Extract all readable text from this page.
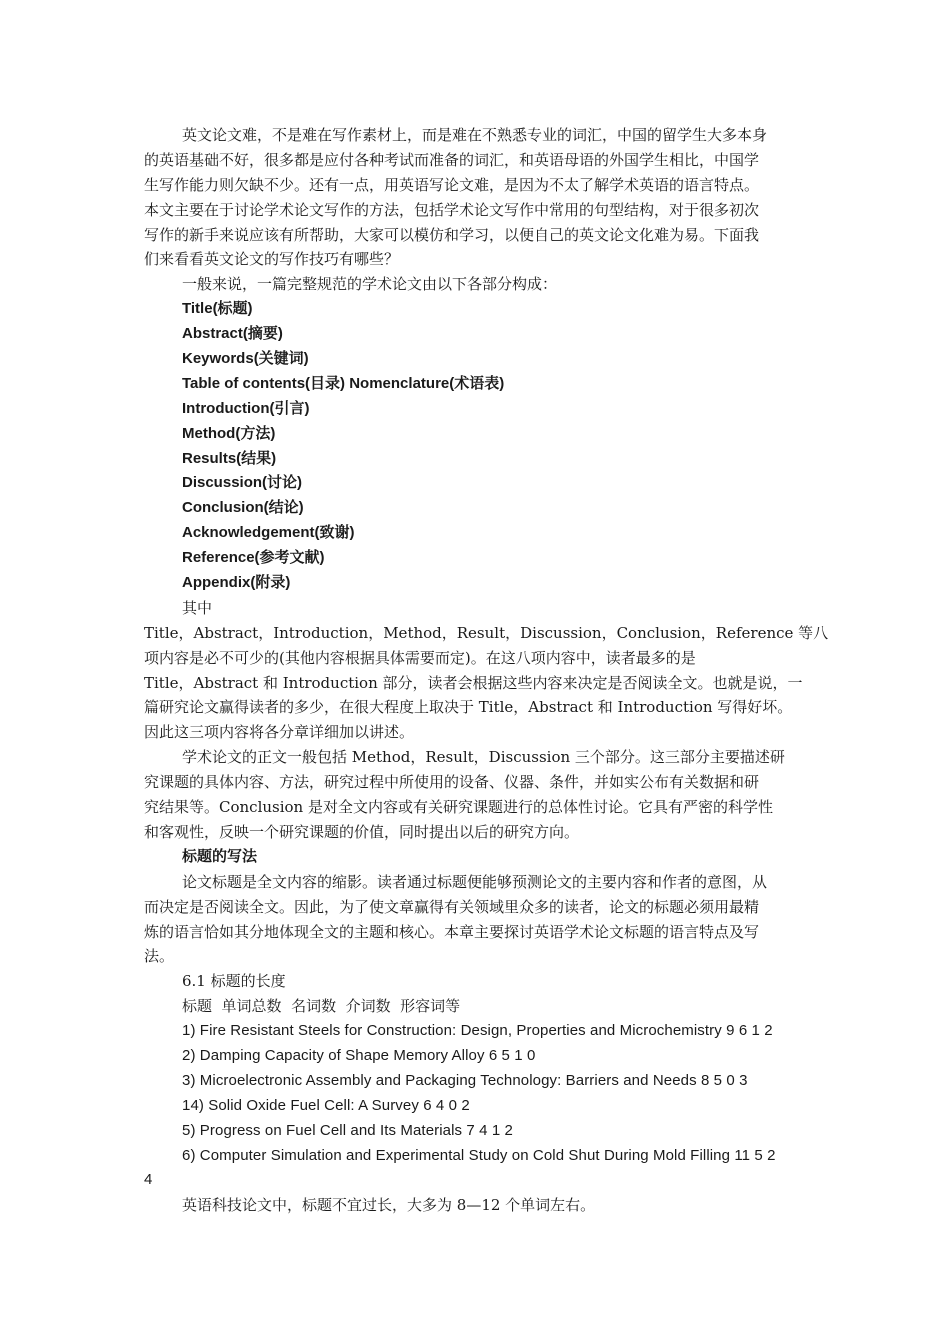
英文论文难，不是难在写作素材上，而是难在不熟悉专业的词汇，中国的留学生大多本身
的英语基础不好，很多都是应付各种考试而准备的词汇，和英语母语的外国学生相比，中国学
生写作能力则欠缺不少。还有一点，用英语写论文难，是因为不太了解学术英语的语言特点。
本文主要在于讨论学术论文写作的方法，包括学术论文写作中常用的句型结构，对于很多初次
写作的新手来说应该有所帮助，大家可以模仿和学习，以便自己的英文论文化难为易。下面我
们来看看英文论文的写作技巧有哪些？
一般来说，一篇完整规范的学术论文由以下各部分构成：
Title(标题)
Abstract(摘要)
Keywords(关键词)
Table of contents(目录) Nomenclature(术语表)
Introduction(引言)
Method(方法)
Results(结果)
Discussion(讨论)
Conclusion(结论)
Acknowledgement(致谢)
Reference(参考文献)
Appendix(附录)
其中
Title，Abstract，Introduction，Method，Result，Discussion，Conclusion，Reference 等八
项内容是必不可少的(其他内容根据具体需要而定)。在这八项内容中，读者最多的是
Title，Abstract 和 Introduction 部分，读者会根据这些内容来决定是否阅读全文。也就是说，一
篇研究论文赢得读者的多少，在很大程度上取决于 Title，Abstract 和 Introduction 写得好坏。
因此这三项内容将各分章详细加以讲述。
学术论文的正文一般包括 Method，Result，Discussion 三个部分。这三部分主要描述研
究课题的具体内容、方法，研究过程中所使用的设备、仪器、条件，并如实公布有关数据和研
究结果等。Conclusion 是对全文内容或有关研究课题进行的总体性讨论。它具有严密的科学性
和客观性，反映一个研究课题的价值，同时提出以后的研究方向。
标题的写法
论文标题是全文内容的缩影。读者通过标题便能够预测论文的主要内容和作者的意图，从
而决定是否阅读全文。因此，为了使文章赢得有关领域里众多的读者，论文的标题必须用最精
炼的语言恰如其分地体现全文的主题和核心。本章主要探讨英语学术论文标题的语言特点及写
法。
6.1 标题的长度
标题  单词总数  名词数  介词数  形容词等
1) Fire Resistant Steels for Construction: Design, Properties and Microchemistry 9 6 1 2
2) Damping Capacity of Shape Memory Alloy 6 5 1 0
3) Microelectronic Assembly and Packaging Technology: Barriers and Needs 8 5 0 3
14) Solid Oxide Fuel Cell: A Survey 6 4 0 2
5) Progress on Fuel Cell and Its Materials 7 4 1 2
6) Computer Simulation and Experimental Study on Cold Shut During Mold Filling 11 5 2
4
英语科技论文中，标题不宜过长，大多为 8—12 个单词左右。
